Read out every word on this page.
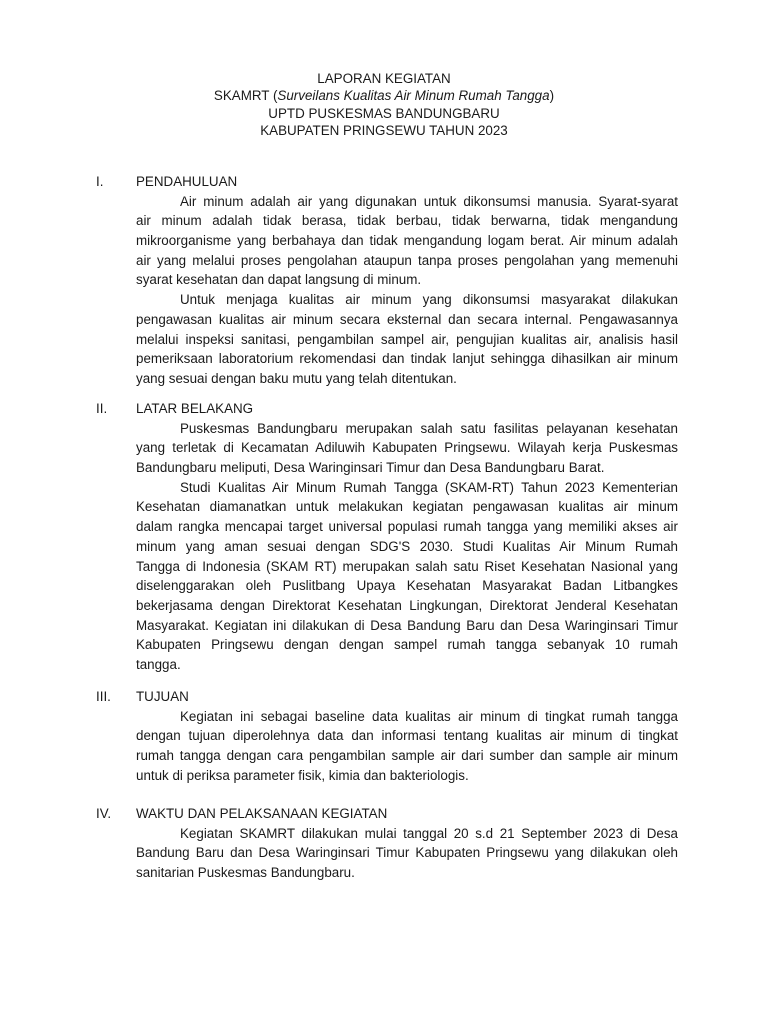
LAPORAN KEGIATAN
SKAMRT (Surveilans Kualitas Air Minum Rumah Tangga)
UPTD PUSKESMAS BANDUNGBARU
KABUPATEN PRINGSEWU TAHUN 2023
I. PENDAHULUAN
Air minum adalah air yang digunakan untuk dikonsumsi manusia. Syarat-syarat
air minum adalah tidak berasa, tidak berbau, tidak berwarna, tidak mengandung
mikroorganisme yang berbahaya dan tidak mengandung logam berat. Air minum adalah
air yang melalui proses pengolahan ataupun tanpa proses pengolahan yang memenuhi
syarat kesehatan dan dapat langsung di minum.
Untuk menjaga kualitas air minum yang dikonsumsi masyarakat dilakukan
pengawasan kualitas air minum secara eksternal dan secara internal. Pengawasannya
melalui inspeksi sanitasi, pengambilan sampel air, pengujian kualitas air, analisis hasil
pemeriksaan laboratorium rekomendasi dan tindak lanjut sehingga dihasilkan air minum
yang sesuai dengan baku mutu yang telah ditentukan.
II. LATAR BELAKANG
Puskesmas Bandungbaru merupakan salah satu fasilitas pelayanan kesehatan
yang terletak di Kecamatan Adiluwih Kabupaten Pringsewu. Wilayah kerja Puskesmas
Bandungbaru meliputi, Desa Waringinsari Timur dan Desa Bandungbaru Barat.
Studi Kualitas Air Minum Rumah Tangga (SKAM-RT) Tahun 2023 Kementerian
Kesehatan diamanatkan untuk melakukan kegiatan pengawasan kualitas air minum
dalam rangka mencapai target universal populasi rumah tangga yang memiliki akses air
minum yang aman sesuai dengan SDG'S 2030. Studi Kualitas Air Minum Rumah
Tangga di Indonesia (SKAM RT) merupakan salah satu Riset Kesehatan Nasional yang
diselenggarakan oleh Puslitbang Upaya Kesehatan Masyarakat Badan Litbangkes
bekerjasama dengan Direktorat Kesehatan Lingkungan, Direktorat Jenderal Kesehatan
Masyarakat. Kegiatan ini dilakukan di Desa Bandung Baru dan Desa Waringinsari Timur
Kabupaten Pringsewu dengan dengan sampel rumah tangga sebanyak 10 rumah
tangga.
III. TUJUAN
Kegiatan ini sebagai baseline data kualitas air minum di tingkat rumah tangga
dengan tujuan diperolehnya data dan informasi tentang kualitas air minum di tingkat
rumah tangga dengan cara pengambilan sample air dari sumber dan sample air minum
untuk di periksa parameter fisik, kimia dan bakteriologis.
IV. WAKTU DAN PELAKSANAAN KEGIATAN
Kegiatan SKAMRT dilakukan mulai tanggal 20 s.d 21 September 2023 di Desa
Bandung Baru dan Desa Waringinsari Timur Kabupaten Pringsewu yang dilakukan oleh
sanitarian Puskesmas Bandungbaru.
